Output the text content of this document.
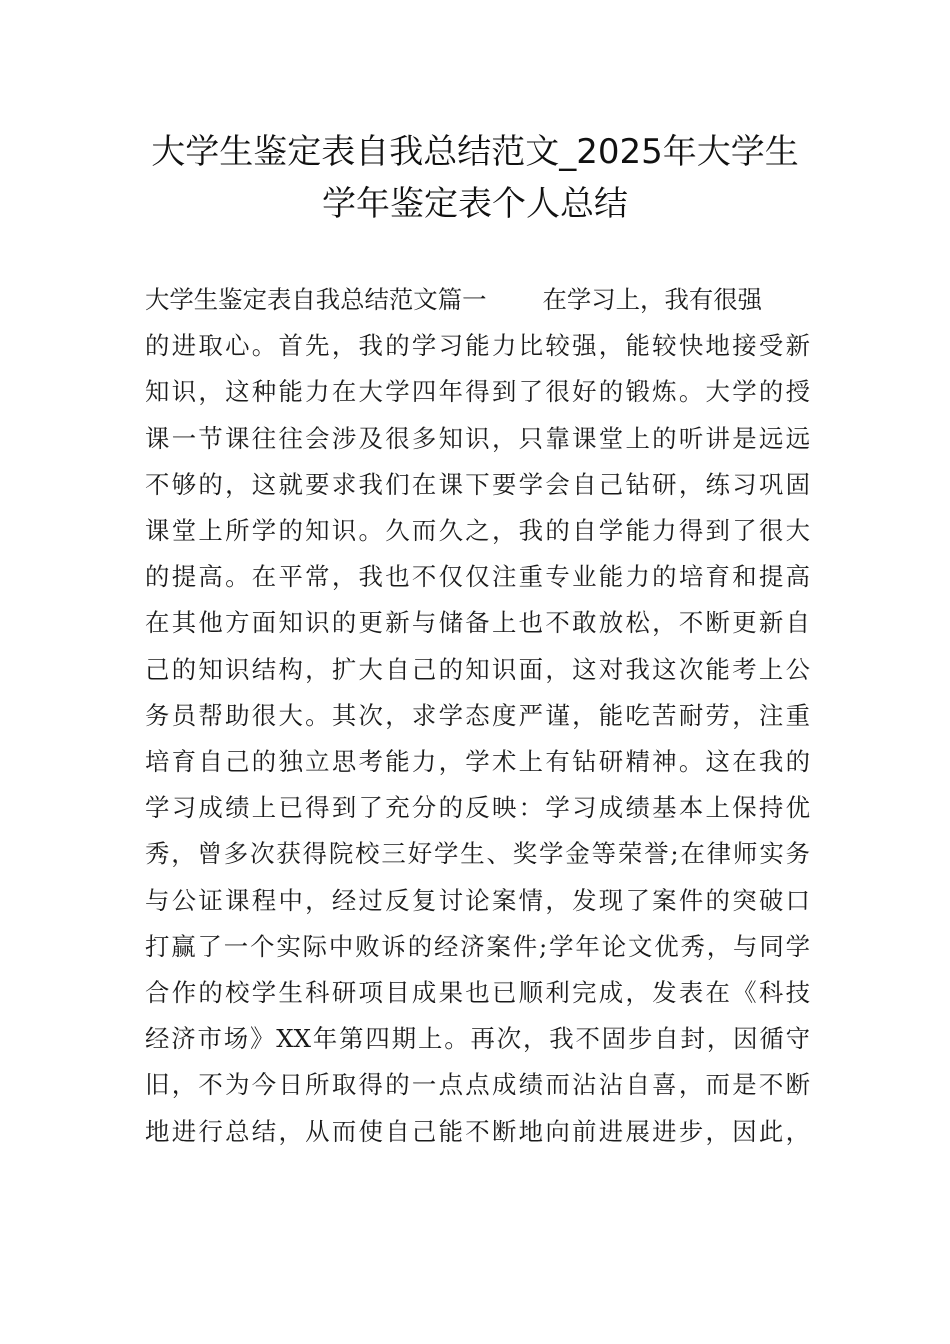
大学生鉴定表自我总结范文_2025年大学生
学年鉴定表个人总结
大学生鉴定表自我总结范文篇一 在学习上，我有很强
的进取心。首先，我的学习能力比较强，能较快地接受新
知识，这种能力在大学四年得到了很好的锻炼。大学的授
课一节课往往会涉及很多知识，只靠课堂上的听讲是远远
不够的，这就要求我们在课下要学会自己钻研，练习巩固
课堂上所学的知识。久而久之，我的自学能力得到了很大
的提高。在平常，我也不仅仅注重专业能力的培育和提高
在其他方面知识的更新与储备上也不敢放松，不断更新自
己的知识结构，扩大自己的知识面，这对我这次能考上公
务员帮助很大。其次，求学态度严谨，能吃苦耐劳，注重
培育自己的独立思考能力，学术上有钻研精神。这在我的
学习成绩上已得到了充分的反映：学习成绩基本上保持优
秀，曾多次获得院校三好学生、奖学金等荣誉;在律师实务
与公证课程中，经过反复讨论案情，发现了案件的突破口
打赢了一个实际中败诉的经济案件;学年论文优秀，与同学
合作的校学生科研项目成果也已顺利完成，发表在《科技
经济市场》XX年第四期上。再次，我不固步自封，因循守
旧，不为今日所取得的一点点成绩而沾沾自喜，而是不断
地进行总结，从而使自己能不断地向前进展进步，因此，
